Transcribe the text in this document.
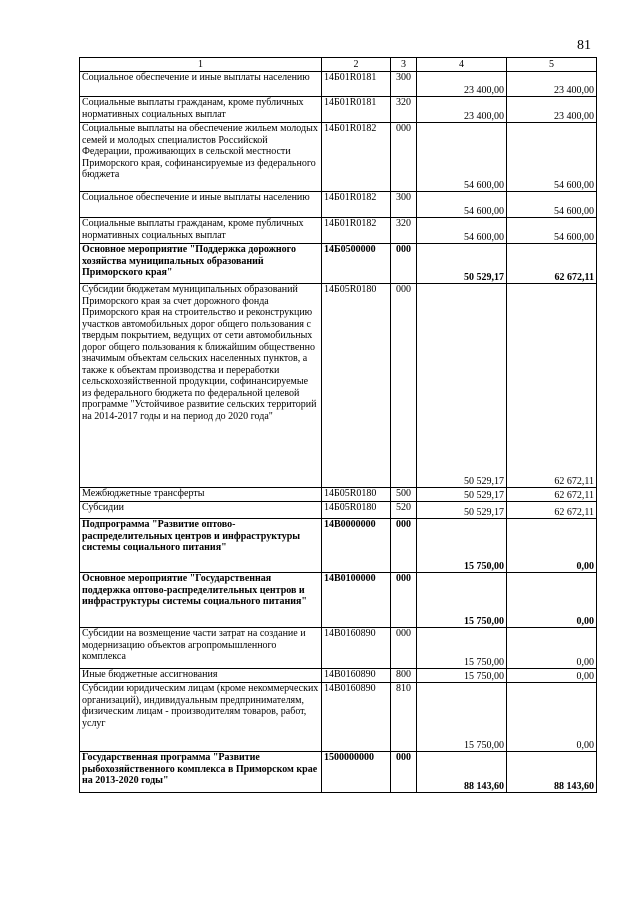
81
1	2	3	4	5
Социальное обеспечение и иные выплаты населению	14Б01R0181	300	23 400,00	23 400,00
Социальные выплаты гражданам, кроме публичных нормативных социальных выплат	14Б01R0181	320	23 400,00	23 400,00
Социальные выплаты на обеспечение жильем молодых семей и молодых специалистов Российской Федерации, проживающих в сельской местности Приморского края, софинансируемые из федерального бюджета	14Б01R0182	000	54 600,00	54 600,00
Социальное обеспечение и иные выплаты населению	14Б01R0182	300	54 600,00	54 600,00
Социальные выплаты гражданам, кроме публичных нормативных социальных выплат	14Б01R0182	320	54 600,00	54 600,00
Основное мероприятие "Поддержка дорожного хозяйства муниципальных образований Приморского края"	14Б0500000	000	50 529,17	62 672,11
Субсидии бюджетам муниципальных образований Приморского края за счет дорожного фонда Приморского края на строительство и реконструкцию участков автомобильных дорог общего пользования с твердым покрытием, ведущих от сети автомобильных дорог общего пользования к ближайшим общественно значимым объектам сельских населенных пунктов, а также к объектам производства и переработки сельскохозяйственной продукции, софинансируемые из федерального бюджета по федеральной целевой программе "Устойчивое развитие сельских территорий на 2014-2017 годы и на период до 2020 года"	14Б05R0180	000	50 529,17	62 672,11
Межбюджетные трансферты	14Б05R0180	500	50 529,17	62 672,11
Субсидии	14Б05R0180	520	50 529,17	62 672,11
Подпрограмма "Развитие оптово-распределительных центров и инфраструктуры системы социального питания"	14В0000000	000	15 750,00	0,00
Основное мероприятие "Государственная поддержка оптово-распределительных центров и инфраструктуры системы социального питания"	14В0100000	000	15 750,00	0,00
Субсидии на возмещение части затрат на создание и модернизацию объектов агропромышленного комплекса	14В0160890	000	15 750,00	0,00
Иные бюджетные ассигнования	14В0160890	800	15 750,00	0,00
Субсидии юридическим лицам (кроме некоммерческих организаций), индивидуальным предпринимателям, физическим лицам - производителям товаров, работ, услуг	14В0160890	810	15 750,00	0,00
Государственная программа "Развитие рыбохозяйственного комплекса в Приморском крае на 2013-2020 годы"	1500000000	000	88 143,60	88 143,60
